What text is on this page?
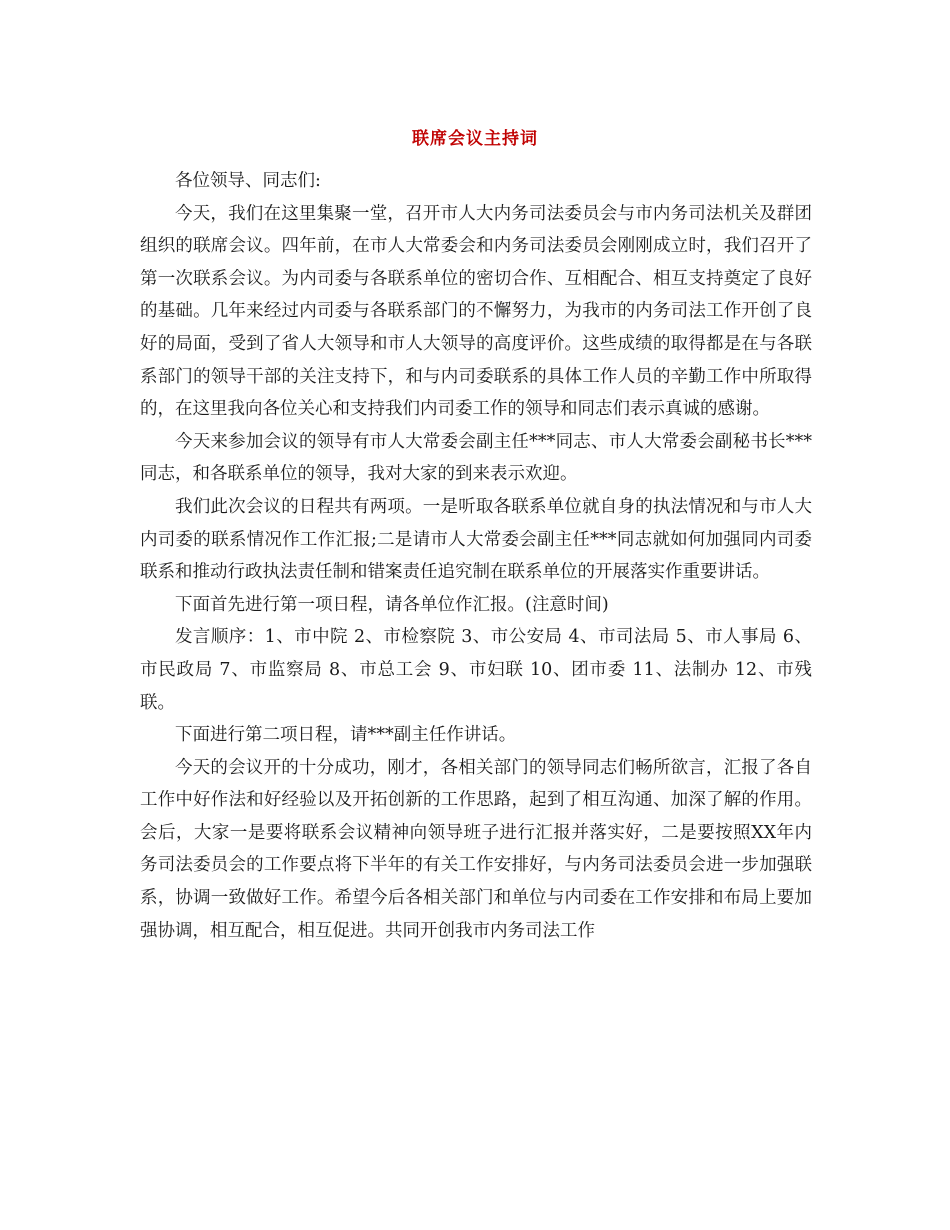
联席会议主持词

各位领导、同志们:

今天，我们在这里集聚一堂，召开市人大内务司法委员会与市内务司法机关及群团组织的联席会议。四年前，在市人大常委会和内务司法委员会刚刚成立时，我们召开了第一次联系会议。为内司委与各联系单位的密切合作、互相配合、相互支持奠定了良好的基础。几年来经过内司委与各联系部门的不懈努力，为我市的内务司法工作开创了良好的局面，受到了省人大领导和市人大领导的高度评价。这些成绩的取得都是在与各联系部门的领导干部的关注支持下，和与内司委联系的具体工作人员的辛勤工作中所取得的，在这里我向各位关心和支持我们内司委工作的领导和同志们表示真诚的感谢。

今天来参加会议的领导有市人大常委会副主任***同志、市人大常委会副秘书长***同志，和各联系单位的领导，我对大家的到来表示欢迎。

我们此次会议的日程共有两项。一是听取各联系单位就自身的执法情况和与市人大内司委的联系情况作工作汇报;二是请市人大常委会副主任***同志就如何加强同内司委联系和推动行政执法责任制和错案责任追究制在联系单位的开展落实作重要讲话。

下面首先进行第一项日程，请各单位作汇报。(注意时间)

发言顺序：1、市中院 2、市检察院 3、市公安局 4、市司法局 5、市人事局 6、市民政局 7、市监察局 8、市总工会 9、市妇联 10、团市委 11、法制办 12、市残联。

下面进行第二项日程，请***副主任作讲话。

今天的会议开的十分成功，刚才，各相关部门的领导同志们畅所欲言，汇报了各自工作中好作法和好经验以及开拓创新的工作思路，起到了相互沟通、加深了解的作用。会后，大家一是要将联系会议精神向领导班子进行汇报并落实好，二是要按照XX年内务司法委员会的工作要点将下半年的有关工作安排好，与内务司法委员会进一步加强联系，协调一致做好工作。希望今后各相关部门和单位与内司委在工作安排和布局上要加强协调，相互配合，相互促进。共同开创我市内务司法工作
